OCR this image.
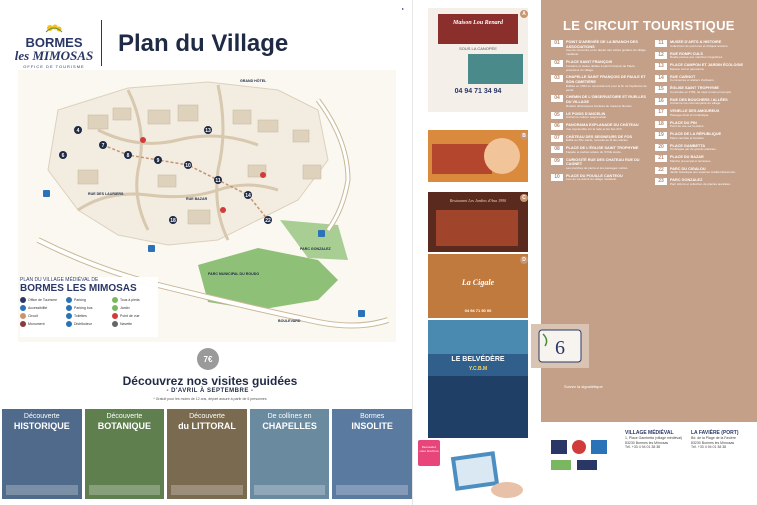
BORMES
les MIMOSAS
OFFICE DE TOURISME
Plan du Village
7
8
9
10
11
14
22
4
6
13
18
GRAND HÔTEL
PARC MUNICIPAL DU ROUDO
PARC GONZALEZ
BOULEVARD
RUE DES LAURIERS
RUE BAZAR
PLAN DU VILLAGE MÉDIÉVAL DE
BORMES LES MIMOSAS
Office de Tourisme	Parking	Tous à pieds
Accessibilité	Parking bus	Jardin
Circuit	Toilettes	Point de vue
Monument	Distributeur	Navette
7€
Découvrez nos visites guidées
- D'AVRIL À SEPTEMBRE -
* Gratuit pour les moins de 12 ans, départ assuré à partir de 6 personnes
Découverte
HISTORIQUE
Découverte
BOTANIQUE
Découverte
du LITTORAL
De collines en
CHAPELLES
Bormes
INSOLITE
Demandez votre brochure
▸
A
Maison Lou Renard
SOUS LA CANOPÉE
04 94 71 34 94
B
C
Restaurant Les Jardins d'Ana 1990
D
La Cigale
04 94 71 50 00
LE BELVÉDÈRE
Y.C.B.M
LE CIRCUIT TOURISTIQUE
01	POINT D'ARRIVÉE DE LA BRANCH DES ASSOCIATIONS
Lieu de rencontre et de départ des visites guidées du village médiéval.
02	PLACE SAINT FRANÇOIS
Fontaine et statue dédiée à saint François de Paule, protecteur du village.
03	CHAPELLE SAINT FRANÇOIS DE PAULE ET SON CIMETIÈRE
Édifiée en 1560 en remerciement pour la fin de l'épidémie de peste.
04	CHEMIN DE L'OBSERVATOIRE ET RUELLES DU VILLAGE
Ruelles pittoresques bordées de maisons fleuries.
05	LE POIDS D'ANCELIN
Ancienne maison seigneuriale.
06	PANORAMA EXPLANADE DU CHÂTEAU
Vue imprenable sur la rade et les îles d'Or.
07	CHÂTEAU DES SEIGNEURS DE FOS
Édifié au XIIe siècle, remanié au fil des siècles.
08	PLACE DE L'ÉGLISE SAINT TROPHYME
Façade et cadran solaire du XVIIIe siècle.
09	CURIOSITÉ RUE DES CHATEAU RUE DU CAGNET
Les marches de pierre et les passages voûtés.
10	PLACE DU POUILLE CANTEOU
Lieu de vie animé du village médiéval.
11	MUSÉE D'ARTS & HISTOIRE
Collections de peintures et d'objets anciens.
12	RUE ROMPI CULS
Ruelle pentue aux marches irrégulières.
13	PLACE CAMPON ET JARDIN ÉCOLOGIE
Espace vert et panorama.
14	RUE CARNOT
Commerces et ateliers d'artisans.
15	ÉGLISE SAINT TROPHYME
Construite en 1783, de style roman provençal.
16	RUE DES BOUCHERS / ALLÉES
Ancienne rue commerçante du village.
17	VENELLE DES AMOUREUX
Passage étroit et romantique.
18	PLACE DU PIN
Point de vue sur la plaine.
19	PLACE DE LA RÉPUBLIQUE
Place centrale et fontaine.
20	PLACE GAMBETTA
Ombragée par de grands platanes.
21	PLACE DU BAZAR
Marché provençal et terrasses.
22	PARC DU CIGALOU
Jardin botanique aux espèces méditerranéennes.
23	PARC GONZALEZ
Parc arboré et collection de plantes australes.
6
Suivez la signalétique
VILLAGE MÉDIÉVAL
1, Place Gambetta (village médiéval)
83230 Bormes les Mimosas
Tél. +33 4 94 01 38 38
LA FAVIÈRE (PORT)
Bd. de la Plage de la Favière
83230 Bormes les Mimosas
Tél. +33 4 94 01 38 38
